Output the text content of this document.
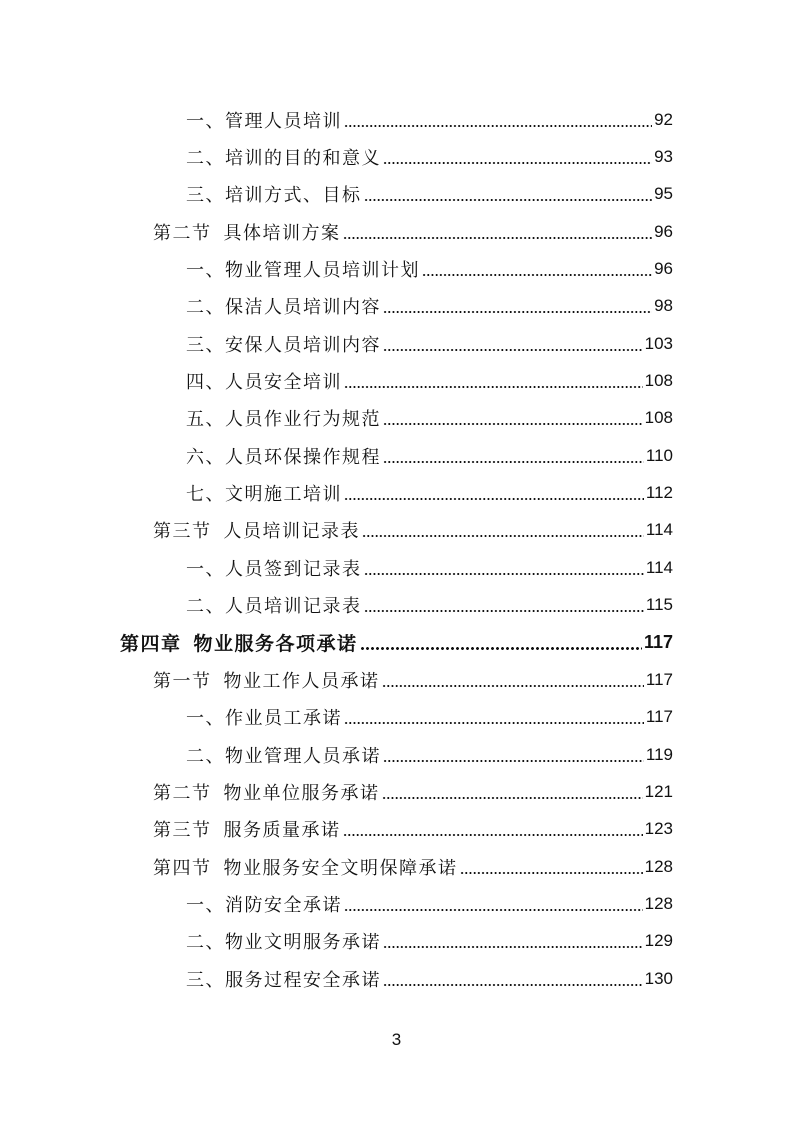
一、管理人员培训	92
二、培训的目的和意义	93
三、培训方式、目标	95
第二节 具体培训方案	96
一、物业管理人员培训计划	96
二、保洁人员培训内容	98
三、安保人员培训内容	103
四、人员安全培训	108
五、人员作业行为规范	108
六、人员环保操作规程	110
七、文明施工培训	112
第三节 人员培训记录表	114
一、人员签到记录表	114
二、人员培训记录表	115
第四章 物业服务各项承诺	117
第一节 物业工作人员承诺	117
一、作业员工承诺	117
二、物业管理人员承诺	119
第二节 物业单位服务承诺	121
第三节 服务质量承诺	123
第四节 物业服务安全文明保障承诺	128
一、消防安全承诺	128
二、物业文明服务承诺	129
三、服务过程安全承诺	130
3
